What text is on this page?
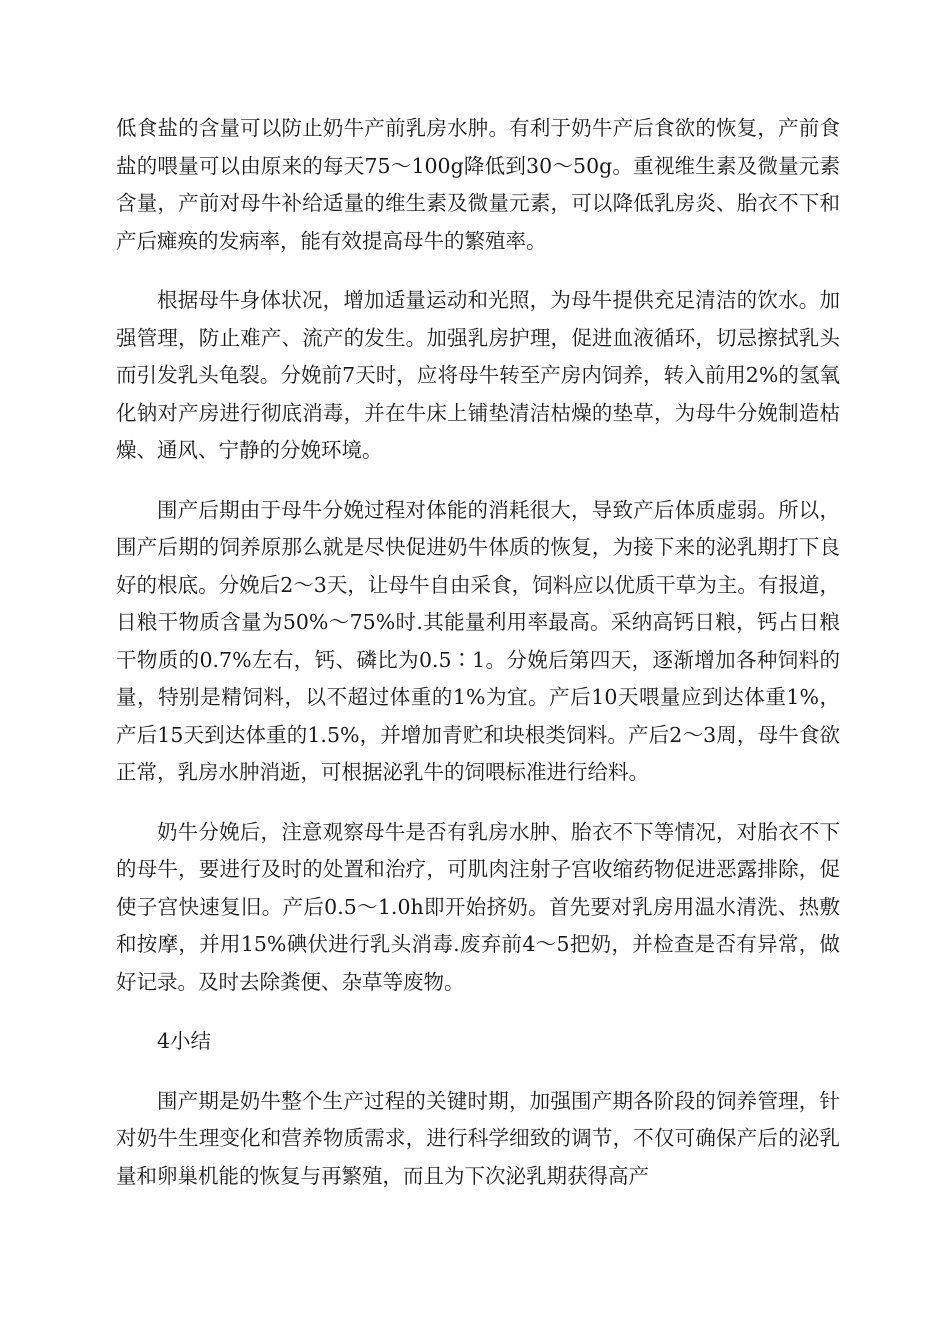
低食盐的含量可以防止奶牛产前乳房水肿。有利于奶牛产后食欲的恢复，产前食盐的喂量可以由原来的每天75～100g降低到30～50g。重视维生素及微量元素含量，产前对母牛补给适量的维生素及微量元素，可以降低乳房炎、胎衣不下和产后瘫痪的发病率，能有效提高母牛的繁殖率。

根据母牛身体状况，增加适量运动和光照，为母牛提供充足清洁的饮水。加强管理，防止难产、流产的发生。加强乳房护理，促进血液循环，切忌擦拭乳头而引发乳头龟裂。分娩前7天时，应将母牛转至产房内饲养，转入前用2%的氢氧化钠对产房进行彻底消毒，并在牛床上铺垫清洁枯燥的垫草，为母牛分娩制造枯燥、通风、宁静的分娩环境。

围产后期由于母牛分娩过程对体能的消耗很大，导致产后体质虚弱。所以，围产后期的饲养原那么就是尽快促进奶牛体质的恢复，为接下来的泌乳期打下良好的根底。分娩后2～3天，让母牛自由采食，饲料应以优质干草为主。有报道，日粮干物质含量为50%～75%时.其能量利用率最高。采纳高钙日粮，钙占日粮干物质的0.7%左右，钙、磷比为0.5∶1。分娩后第四天，逐渐增加各种饲料的量，特别是精饲料，以不超过体重的1%为宜。产后10天喂量应到达体重1%，产后15天到达体重的1.5%，并增加青贮和块根类饲料。产后2～3周，母牛食欲正常，乳房水肿消逝，可根据泌乳牛的饲喂标准进行给料。

奶牛分娩后，注意观察母牛是否有乳房水肿、胎衣不下等情况，对胎衣不下的母牛，要进行及时的处置和治疗，可肌肉注射子宫收缩药物促进恶露排除，促使子宫快速复旧。产后0.5～1.0h即开始挤奶。首先要对乳房用温水清洗、热敷和按摩，并用15%碘伏进行乳头消毒.废弃前4～5把奶，并检查是否有异常，做好记录。及时去除粪便、杂草等废物。

4小结

围产期是奶牛整个生产过程的关键时期，加强围产期各阶段的饲养管理，针对奶牛生理变化和营养物质需求，进行科学细致的调节，不仅可确保产后的泌乳量和卵巢机能的恢复与再繁殖，而且为下次泌乳期获得高产
